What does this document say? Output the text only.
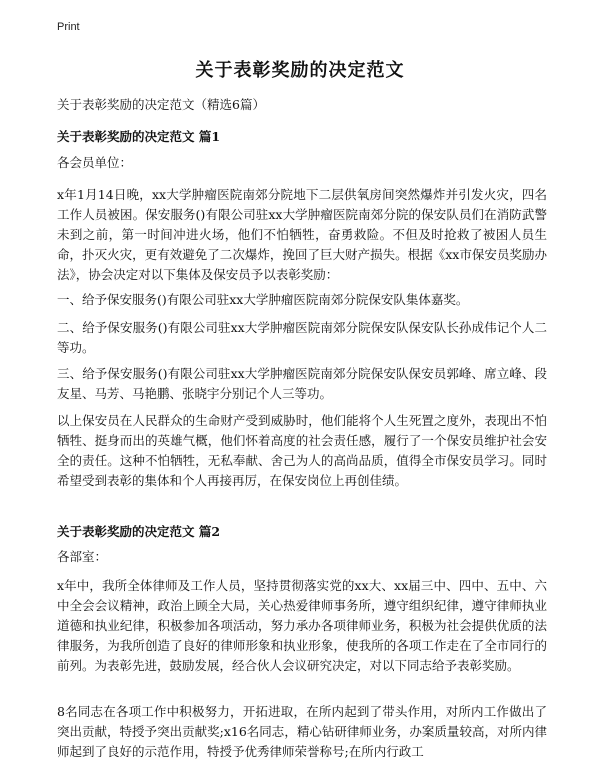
Print
关于表彰奖励的决定范文
关于表彰奖励的决定范文（精选6篇）
关于表彰奖励的决定范文 篇1

各会员单位：

x年1月14日晚，xx大学肿瘤医院南郊分院地下二层供氧房间突然爆炸并引发火灾，四名工作人员被困。保安服务()有限公司驻xx大学肿瘤医院南郊分院的保安队员们在消防武警未到之前，第一时间冲进火场，他们不怕牺牲，奋勇救险。不但及时抢救了被困人员生命，扑灭火灾，更有效避免了二次爆炸，挽回了巨大财产损失。根据《xx市保安员奖励办法》，协会决定对以下集体及保安员予以表彰奖励：

一、给予保安服务()有限公司驻xx大学肿瘤医院南郊分院保安队集体嘉奖。

二、给予保安服务()有限公司驻xx大学肿瘤医院南郊分院保安队保安队长孙成伟记个人二等功。

三、给予保安服务()有限公司驻xx大学肿瘤医院南郊分院保安队保安员郭峰、席立峰、段友星、马芳、马艳鹏、张晓宇分别记个人三等功。

以上保安员在人民群众的生命财产受到威胁时，他们能将个人生死置之度外，表现出不怕牺牲、挺身而出的英雄气概，他们怀着高度的社会责任感，履行了一个保安员维护社会安全的责任。这种不怕牺牲，无私奉献、舍己为人的高尚品质，值得全市保安员学习。同时希望受到表彰的集体和个人再接再厉，在保安岗位上再创佳绩。

关于表彰奖励的决定范文 篇2

各部室：

x年中，我所全体律师及工作人员，坚持贯彻落实党的xx大、xx届三中、四中、五中、六中全会会议精神，政治上顾全大局，关心热爱律师事务所，遵守组织纪律，遵守律师执业道德和执业纪律，积极参加各项活动，努力承办各项律师业务，积极为社会提供优质的法律服务，为我所创造了良好的律师形象和执业形象，使我所的各项工作走在了全市同行的前列。为表彰先进，鼓励发展，经合伙人会议研究决定，对以下同志给予表彰奖励。

8名同志在各项工作中积极努力，开拓进取，在所内起到了带头作用，对所内工作做出了突出贡献，特授予突出贡献奖;x16名同志，精心钻研律师业务，办案质量较高，对所内律师起到了良好的示范作用，特授予优秀律师荣誉称号;在所内行政工
